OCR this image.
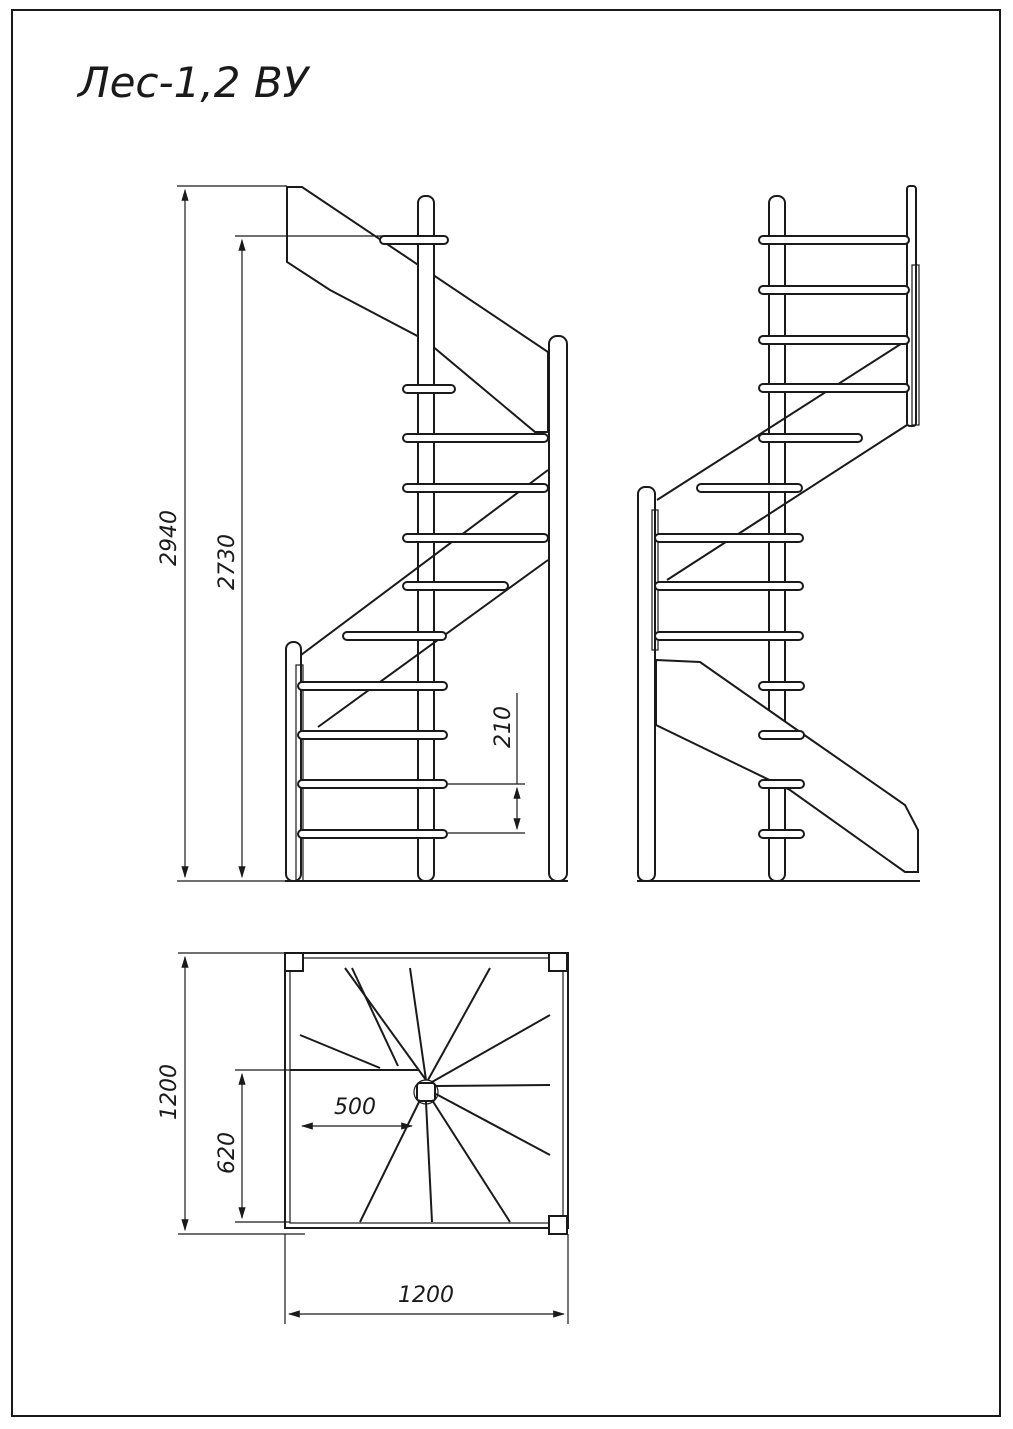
Лес-1,2 ВУ
2940 2730
210
1200
620
500
1200
